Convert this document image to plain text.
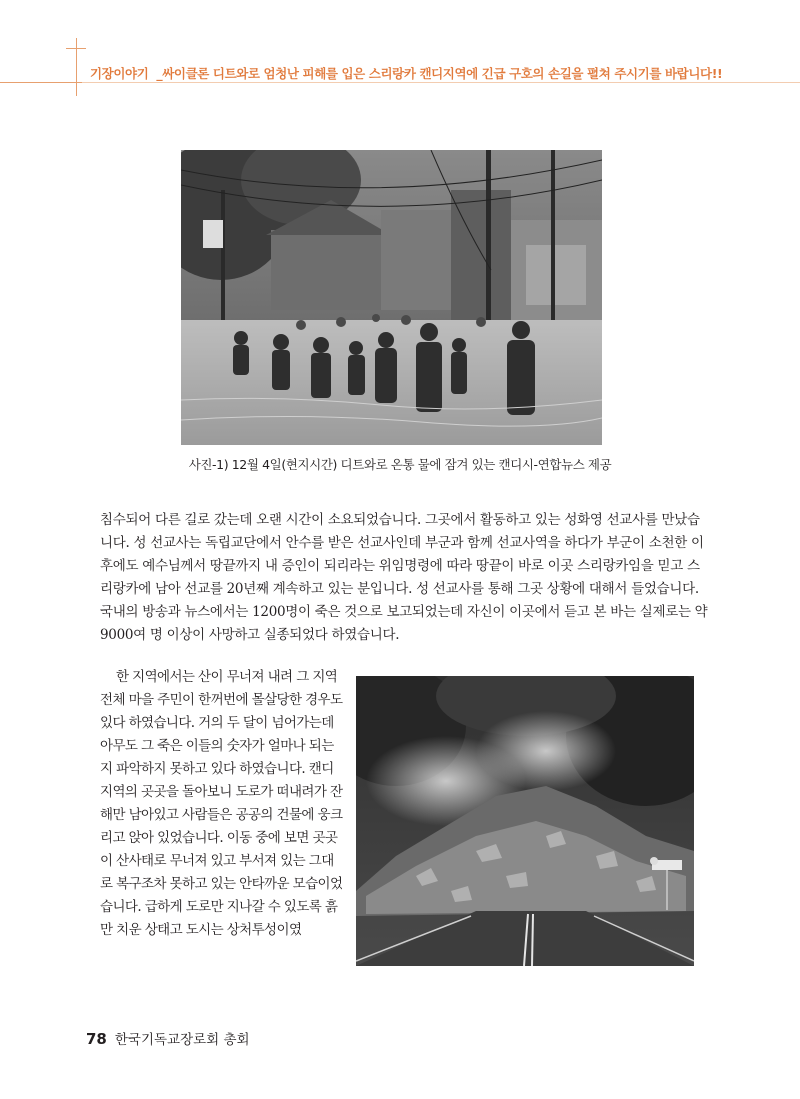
기장이야기 _싸이클론 디트와로 엄청난 피해를 입은 스리랑카 캔디지역에 긴급 구호의 손길을 펼쳐 주시기를 바랍니다!!
사진-1) 12월 4일(현지시간) 디트와로 온통 물에 잠겨 있는 캔디시-연합뉴스 제공

침수되어 다른 길로 갔는데 오랜 시간이 소요되었습니다. 그곳에서 활동하고 있는 성화영 선교사를 만났습니다. 성 선교사는 독립교단에서 안수를 받은 선교사인데 부군과 함께 선교사역을 하다가 부군이 소천한 이후에도 예수님께서 땅끝까지 내 증인이 되리라는 위임명령에 따라 땅끝이 바로 이곳 스리랑카임을 믿고 스리랑카에 남아 선교를 20년째 계속하고 있는 분입니다. 성 선교사를 통해 그곳 상황에 대해서 들었습니다. 국내의 방송과 뉴스에서는 1200명이 죽은 것으로 보고되었는데 자신이 이곳에서 듣고 본 바는 실제로는 약 9000여 명 이상이 사망하고 실종되었다 하였습니다.

한 지역에서는 산이 무너져 내려 그 지역 전체 마을 주민이 한꺼번에 몰살당한 경우도 있다 하였습니다. 거의 두 달이 넘어가는데 아무도 그 죽은 이들의 숫자가 얼마나 되는지 파악하지 못하고 있다 하였습니다. 캔디 지역의 곳곳을 돌아보니 도로가 떠내려가 잔해만 남아있고 사람들은 공공의 건물에 웅크리고 앉아 있었습니다. 이동 중에 보면 곳곳이 산사태로 무너져 있고 부서져 있는 그대로 복구조차 못하고 있는 안타까운 모습이었습니다. 급하게 도로만 지나갈 수 있도록 흙만 치운 상태고 도시는 상처투성이였

78 한국기독교장로회 총회
